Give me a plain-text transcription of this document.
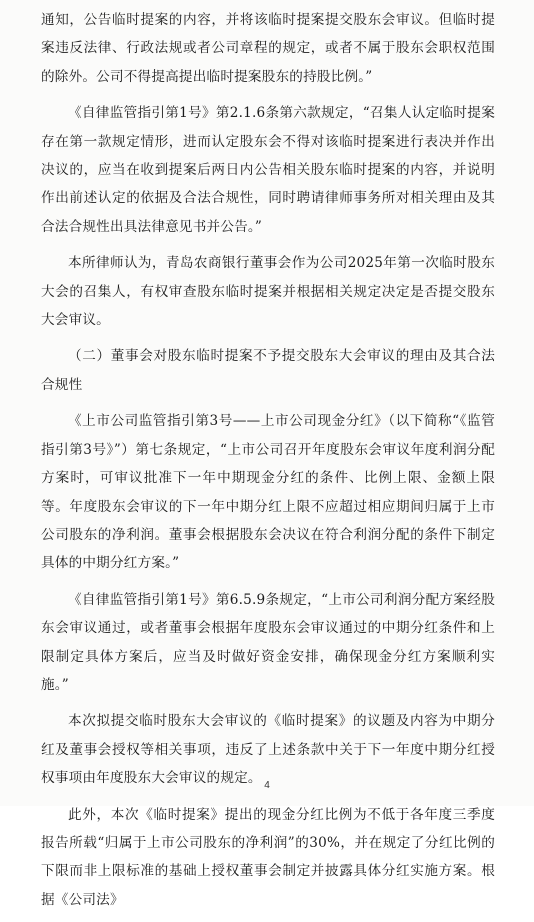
通知，公告临时提案的内容，并将该临时提案提交股东会审议。但临时提案违反法律、行政法规或者公司章程的规定，或者不属于股东会职权范围的除外。公司不得提高提出临时提案股东的持股比例。”

《自律监管指引第1号》第2.1.6条第六款规定，“召集人认定临时提案存在第一款规定情形，进而认定股东会不得对该临时提案进行表决并作出决议的，应当在收到提案后两日内公告相关股东临时提案的内容，并说明作出前述认定的依据及合法合规性，同时聘请律师事务所对相关理由及其合法合规性出具法律意见书并公告。”

本所律师认为，青岛农商银行董事会作为公司2025年第一次临时股东大会的召集人，有权审查股东临时提案并根据相关规定决定是否提交股东大会审议。

（二）董事会对股东临时提案不予提交股东大会审议的理由及其合法合规性

《上市公司监管指引第3号——上市公司现金分红》（以下简称“《监管指引第3号》”）第七条规定，“上市公司召开年度股东会审议年度利润分配方案时，可审议批准下一年中期现金分红的条件、比例上限、金额上限等。年度股东会审议的下一年中期分红上限不应超过相应期间归属于上市公司股东的净利润。董事会根据股东会决议在符合利润分配的条件下制定具体的中期分红方案。”

《自律监管指引第1号》第6.5.9条规定，“上市公司利润分配方案经股东会审议通过，或者董事会根据年度股东会审议通过的中期分红条件和上限制定具体方案后，应当及时做好资金安排，确保现金分红方案顺利实施。”

本次拟提交临时股东大会审议的《临时提案》的议题及内容为中期分红及董事会授权等相关事项，违反了上述条款中关于下一年度中期分红授权事项由年度股东大会审议的规定。

此外，本次《临时提案》提出的现金分红比例为不低于各年度三季度报告所载“归属于上市公司股东的净利润”的30%，并在规定了分红比例的下限而非上限标准的基础上授权董事会制定并披露具体分红实施方案。根据《公司法》

4
